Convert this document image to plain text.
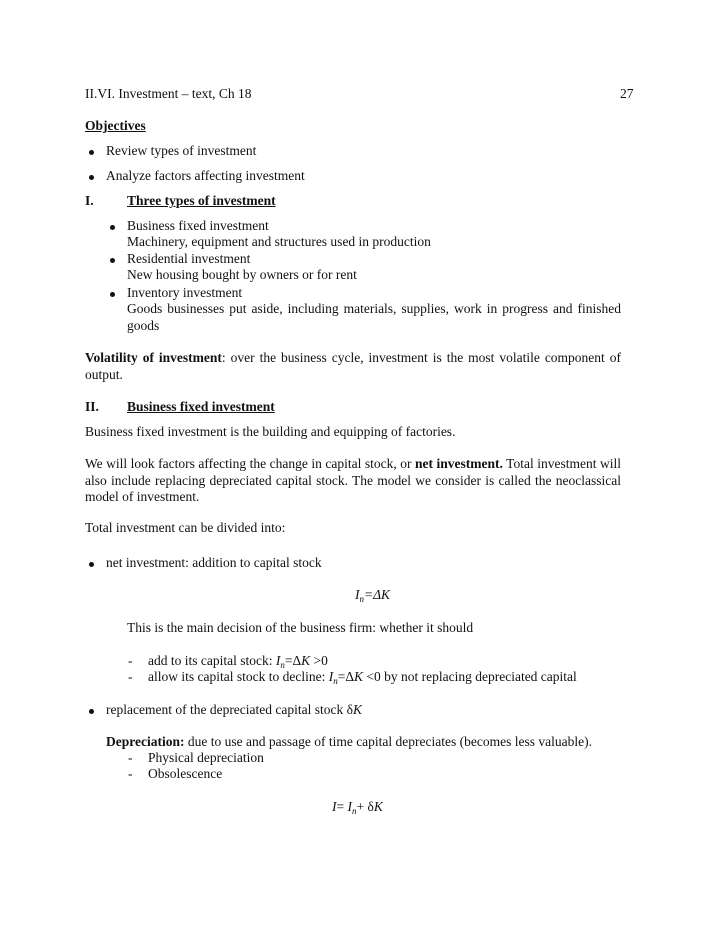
II.VI. Investment – text, Ch 18	27
Objectives
Review types of investment
Analyze factors affecting investment
I. Three types of investment
Business fixed investment
Machinery, equipment and structures used in production
Residential investment
New housing bought by owners or for rent
Inventory investment
Goods businesses put aside, including materials, supplies, work in progress and finished goods
Volatility of investment: over the business cycle, investment is the most volatile component of output.
II. Business fixed investment
Business fixed investment is the building and equipping of factories.
We will look factors affecting the change in capital stock, or net investment. Total investment will also include replacing depreciated capital stock. The model we consider is called the neoclassical model of investment.
Total investment can be divided into:
net investment: addition to capital stock
$I_n=\Delta K$
This is the main decision of the business firm: whether it should
- add to its capital stock: $I_n=\Delta K >0$
- allow its capital stock to decline: $I_n=\Delta K <0$ by not replacing depreciated capital
replacement of the depreciated capital stock δK
Depreciation: due to use and passage of time capital depreciates (becomes less valuable).
- Physical depreciation
- Obsolescence
$I= I_n+ \delta K$
